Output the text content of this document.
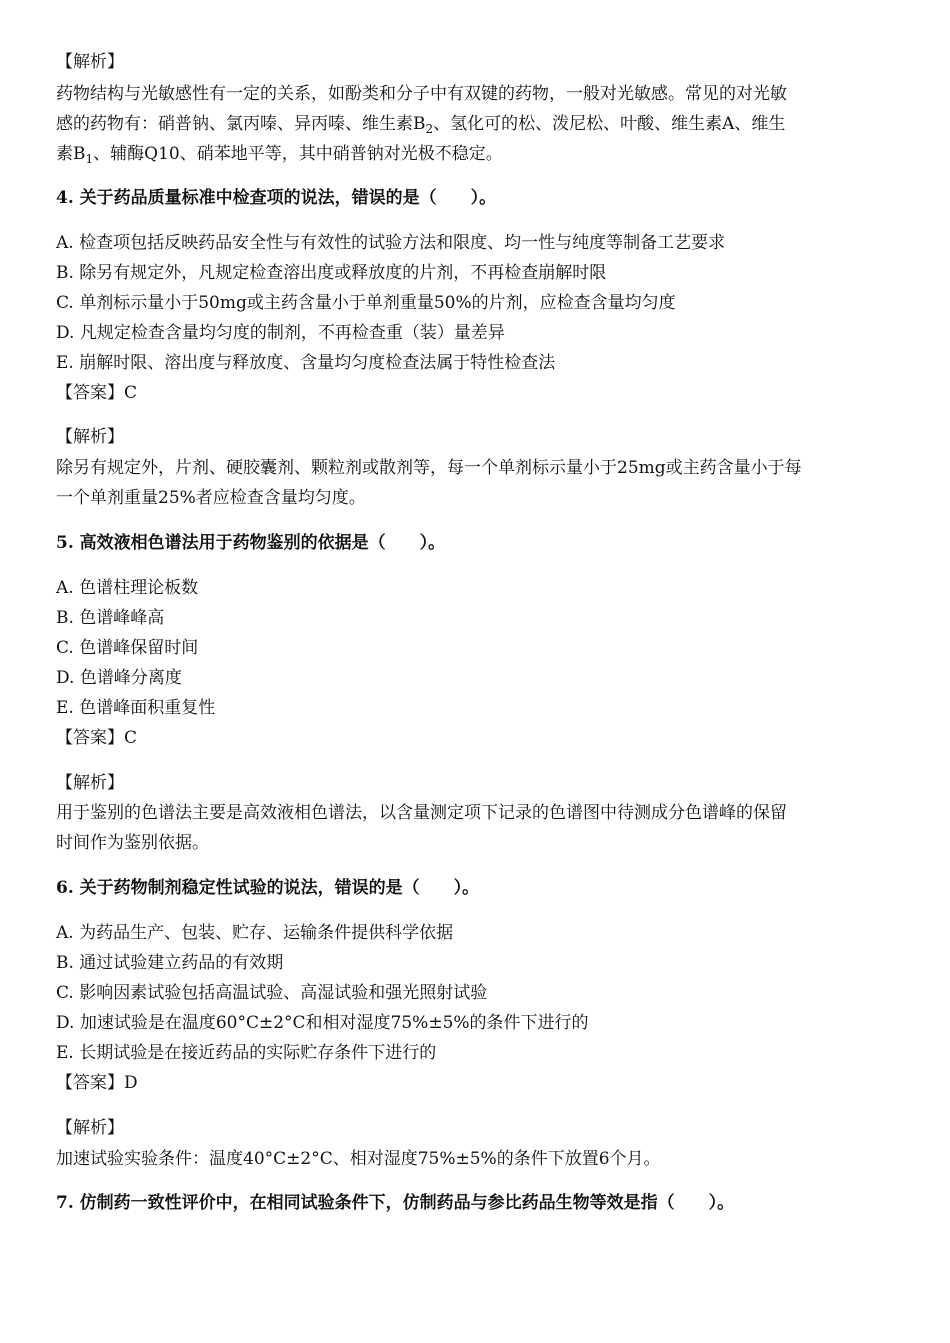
【解析】
药物结构与光敏感性有一定的关系，如酚类和分子中有双键的药物，一般对光敏感。常见的对光敏
感的药物有：硝普钠、氯丙嗪、异丙嗪、维生素$B_2$、氢化可的松、泼尼松、叶酸、维生素A、维生
素$B_1$、辅酶Q10、硝苯地平等，其中硝普钠对光极不稳定。
4. 关于药品质量标准中检查项的说法，错误的是（　　）。
A. 检查项包括反映药品安全性与有效性的试验方法和限度、均一性与纯度等制备工艺要求
B. 除另有规定外，凡规定检查溶出度或释放度的片剂，不再检查崩解时限
C. 单剂标示量小于50mg或主药含量小于单剂重量50%的片剂，应检查含量均匀度
D. 凡规定检查含量均匀度的制剂，不再检查重（装）量差异
E. 崩解时限、溶出度与释放度、含量均匀度检查法属于特性检查法
【答案】C
【解析】
除另有规定外，片剂、硬胶囊剂、颗粒剂或散剂等，每一个单剂标示量小于25mg或主药含量小于每
一个单剂重量25%者应检查含量均匀度。
5. 高效液相色谱法用于药物鉴别的依据是（　　）。
A. 色谱柱理论板数
B. 色谱峰峰高
C. 色谱峰保留时间
D. 色谱峰分离度
E. 色谱峰面积重复性
【答案】C
【解析】
用于鉴别的色谱法主要是高效液相色谱法，以含量测定项下记录的色谱图中待测成分色谱峰的保留
时间作为鉴别依据。
6. 关于药物制剂稳定性试验的说法，错误的是（　　）。
A. 为药品生产、包装、贮存、运输条件提供科学依据
B. 通过试验建立药品的有效期
C. 影响因素试验包括高温试验、高湿试验和强光照射试验
D. 加速试验是在温度60°C±2°C和相对湿度75%±5%的条件下进行的
E. 长期试验是在接近药品的实际贮存条件下进行的
【答案】D
【解析】
加速试验实验条件：温度40°C±2°C、相对湿度75%±5%的条件下放置6个月。
7. 仿制药一致性评价中，在相同试验条件下，仿制药品与参比药品生物等效是指（　　）。
